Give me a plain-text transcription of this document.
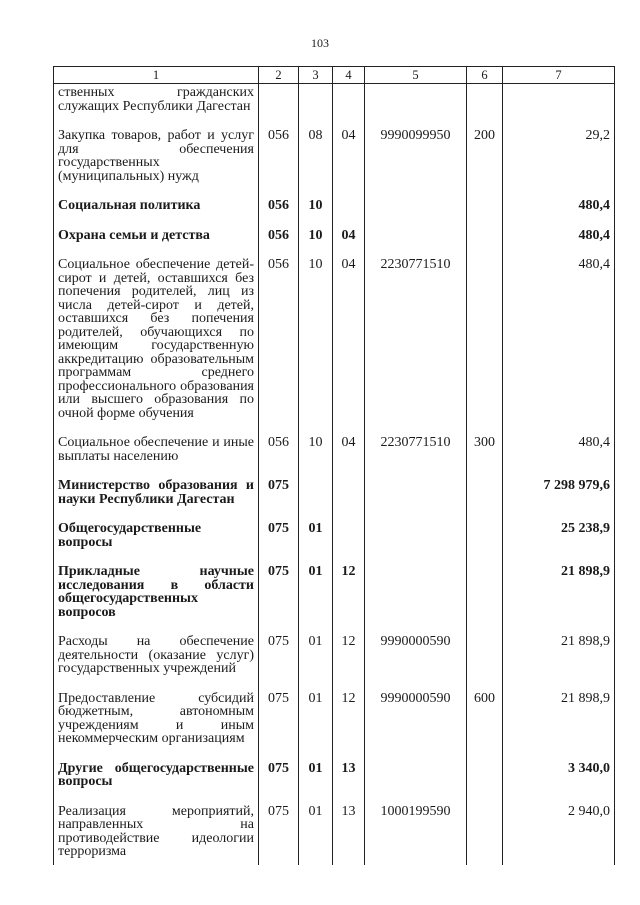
103
1	2	3	4	5	6	7
ственных гражданских служащих Республики Дагестан						

Закупка товаров, работ и услуг для обеспечения государственных (муниципальных) нужд	056	08	04	9990099950	200	29,2

Социальная политика	056	10				480,4

Охрана семьи и детства	056	10	04			480,4

Социальное обеспечение детей-сирот и детей, оставшихся без попечения родителей, лиц из числа детей-сирот и детей, оставшихся без попечения родителей, обучающихся по имеющим государственную аккредитацию образовательным программам среднего профессионального образования или высшего образования по очной форме обучения	056	10	04	2230771510		480,4

Социальное обеспечение и иные выплаты населению	056	10	04	2230771510	300	480,4

Министерство образования и науки Республики Дагестан	075					7 298 979,6

Общегосударственные вопросы	075	01				25 238,9

Прикладные научные исследования в области общегосударственных вопросов	075	01	12			21 898,9

Расходы на обеспечение деятельности (оказание услуг) государственных учреждений	075	01	12	9990000590		21 898,9

Предоставление субсидий бюджетным, автономным учреждениям и иным некоммерческим организациям	075	01	12	9990000590	600	21 898,9

Другие общегосударственные вопросы	075	01	13			3 340,0

Реализация мероприятий, направленных на противодействие идеологии терроризма	075	01	13	1000199590		2 940,0
